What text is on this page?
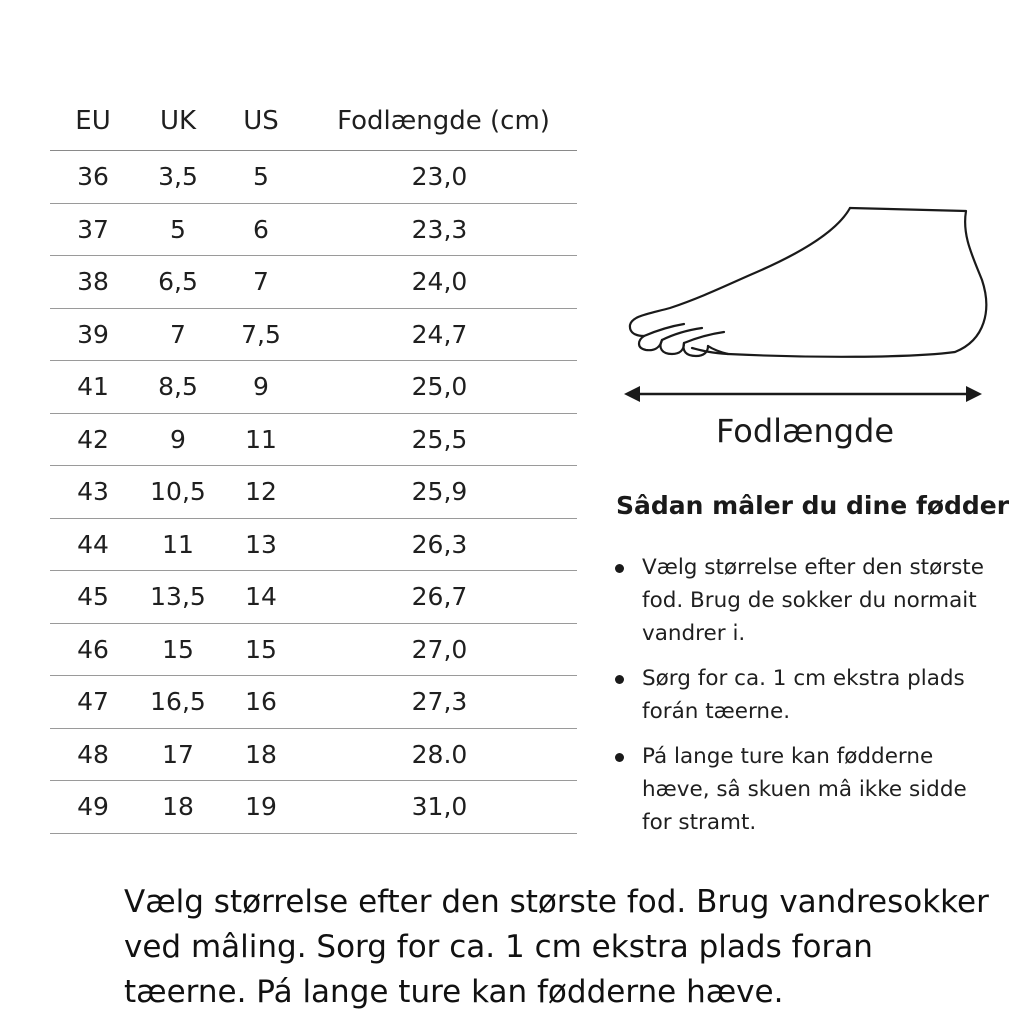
EU	UK	US	Fodlængde (cm)
36	3,5	5	23,0
37	5	6	23,3
38	6,5	7	24,0
39	7	7,5	24,7
41	8,5	9	25,0
42	9	11	25,5
43	10,5	12	25,9
44	11	13	26,3
45	13,5	14	26,7
46	15	15	27,0
47	16,5	16	27,3
48	17	18	28.0
49	18	19	31,0
Fodlængde
Sâdan mâler du dine fødder
Vælg størrelse efter den største fod. Brug de sokker du normait vandrer i.
Sørg for ca. 1 cm ekstra plads forán tæerne.
Pá lange ture kan fødderne hæve, sâ skuen mâ ikke sidde for stramt.
Vælg størrelse efter den største fod. Brug vandresokker ved mâling. Sorg for ca. 1 cm ekstra plads foran tæerne. Pá lange ture kan fødderne hæve.
